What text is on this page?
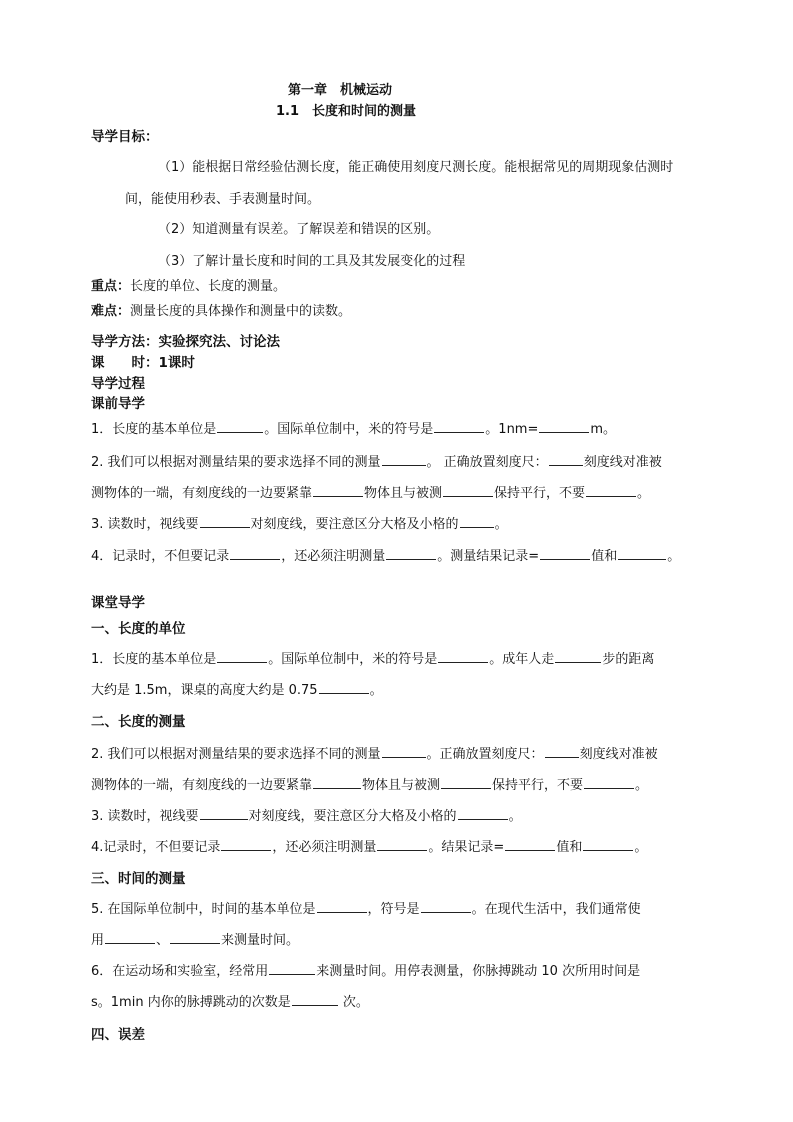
第一章　机械运动
1.1　长度和时间的测量
导学目标：
（1）能根据日常经验估测长度，能正确使用刻度尺测长度。能根据常见的周期现象估测时
间，能使用秒表、手表测量时间。
（2）知道测量有误差。了解误差和错误的区别。
（3）了解计量长度和时间的工具及其发展变化的过程
重点：长度的单位、长度的测量。
难点：测量长度的具体操作和测量中的读数。
导学方法：实验探究法、讨论法
课　　时：1课时
导学过程
课前导学
1．长度的基本单位是	。国际单位制中，米的符号是	。1nm=	m。
2. 我们可以根据对测量结果的要求选择不同的测量	。 正确放置刻度尺：	刻度线对准被
测物体的一端，有刻度线的一边要紧靠	物体且与被测	保持平行，不要	。
3. 读数时，视线要	对刻度线，要注意区分大格及小格的	。
4．记录时，不但要记录	，还必须注明测量	。测量结果记录=	值和	。
课堂导学
一、长度的单位
1．长度的基本单位是	。国际单位制中，米的符号是	。成年人走	步的距离
大约是 1.5m，课桌的高度大约是 0.75	。
二、长度的测量
2. 我们可以根据对测量结果的要求选择不同的测量	。正确放置刻度尺：	刻度线对准被
测物体的一端，有刻度线的一边要紧靠	物体且与被测	保持平行，不要	。
3. 读数时，视线要	对刻度线，要注意区分大格及小格的	。
4.记录时，不但要记录	，还必须注明测量	。结果记录=	值和	。
三、时间的测量
5. 在国际单位制中，时间的基本单位是	，符号是	。在现代生活中，我们通常使
用	、	来测量时间。
6．在运动场和实验室，经常用	来测量时间。用停表测量，你脉搏跳动 10 次所用时间是
s。1min 内你的脉搏跳动的次数是	次。
四、误差
